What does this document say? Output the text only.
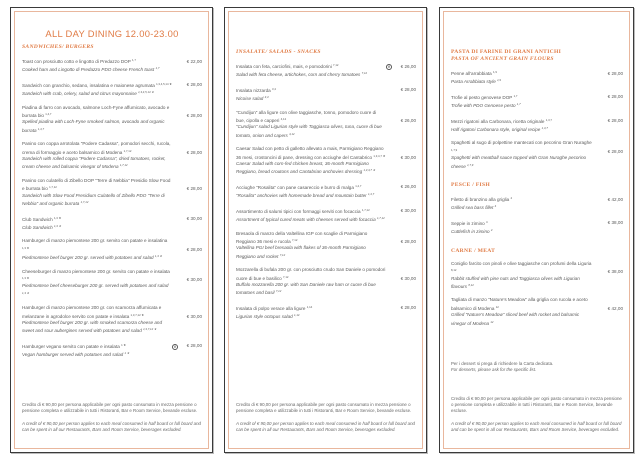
ALL DAY DINING 12.00-23.00
SANDWICHES/ BURGERS
€ 22,00
Toast con prosciutto cotto e lingotto di Predazzo DOP $^{1,7}$
Cooked ham and Lingotto di Predazzo PDO cheese French toast $^{1,7}$
€ 28,00
Sandwich con granchio, sedano, insalatina e maionese agrumata $^{1,3,4,5,14 ★}$
Sandwich with crab, celery, salad and citrus mayonnaise $^{1,3,4,5,14 ★}$
€ 28,00
Piadina di farro con avocado, salmone Loch-Fyne affumicato, avocado e burrata bio $^{1,4,7}$
Spelled piadina with Loch-Fyne smoked salmon, avocado and organic burrata $^{1,4,7}$
€ 28,00
Panino con coppa arrotolata "Podere Cadassa", pomodori secchi, rucola, crema di formaggio e aceto balsamico di Modena $^{1,7,12}$
Sandwich with rolled coppa "Podere Cadassa", dried tomatoes, rocket, cream cheese and balsamic vinegar of Modena $^{1,7,12}$
€ 28,00
Panino con culatello di Zibello DOP "Terre di Nebbia" Presidio Slow Food e burrata bio $^{1,7,12}$
Sandwich with Slow Food Presidium Culatello of Zibello PDO "Terre di Nebbia" and organic burrata $^{1,7,12}$
€ 30,00
Club Sandwich $^{1,3 ★}$
Club Sandwich $^{1,3 ★}$
€ 28,00
Hamburger di manzo piemontese 200 gr. servito con patate e insalatina $^{1,3 ★}$
Piedmontese beef burger 200 gr. served with potatoes and salad $^{1,3 ★}$
€ 30,00
Cheeseburger di manzo piemontese 200 gr. servito con patate e insalata $^{1,3 ★}$
Piedmontese beef cheeseburger 200 gr. served with potatoes and salad $^{1,3 ★}$
€ 30,00
Hamburger di manzo piemontese 200 gr. con scamorza affumicata e melanzane in agrodolce servito con patate e insalata $^{1,3,7,12 ★}$
Piedmontese beef burger 200 gr. with smoked scamorza cheese and sweet and sour aubergines served with potatoes and salad $^{1,3,7,12 ★}$
€ 28,00
V
Hamburger vegano servito con patate e insalata $^{1 ★}$
Vegan hamburger served with potatoes and salad $^{1 ★}$

Credito di € 90,00 per persona applicabile per ogni pasto consumato in mezza pensione o pensione completa e utilizzabile in tutti i Ristoranti, Bar e Room Service, bevande escluse.

A credit of € 90,00 per person applies to each meal consumed in half board or full board and can be spent in all our Restaurants, Bars and Room Service, beverages excluded.

INSALATE/ SALADS - SNACKS
€ 26,00
V
Insalata con feta, carciofini, mais, e pomodorini $^{7,12}$
Salad with feta cheese, artichokes, corn and cherry tomatoes $^{7,12}$
€ 28,00
Insalata nizzarda $^{3,4}$
Nicoise salad $^{3,4}$
€ 26,00
"Cundijun" alla ligure con olive taggiasche, tonno, pomodoro cuore di bue, cipolla e capperi $^{4,12}$
"Cundijun" salad Ligurian style with Taggiasca olives, tuna, cuore di bue tomato, onion and capers $^{4,12}$
€ 30,00
Caesar Salad con petto di galletto allevato a mais, Parmigiano Reggiano 36 mesi, crostoncini di pane, dressing con acciughe del Cantabrico $^{1,3,4,7 ★}$
Caesar Salad with corn-fed chicken breast, 36-month Parmigiano Reggiano, bread croutons and Cantabrian anchovies dressing $^{1,3,4,7 ★}$
€ 26,00
Acciughe "Rosalita" con pane casareccio e burro di malga $^{1,4,7}$
"Rosalita" anchovies with homemade bread and mountain butter $^{1,4,7}$
€ 30,00
Assortimento di salumi tipici con formaggi serviti con focaccia $^{1,7,12}$
Assortment of typical cured meats with cheeses served with focaccia $^{1,7,12}$
€ 28,00
Bresaola di manzo della Valtellina IGP con scaglie di Parmigiano Reggiano 36 mesi e rucola $^{7,12}$
Valtellina PGI beef bresaola with flakes of 36-month Parmigiano Reggiano and rocket $^{7,12}$
€ 30,00
Mozzarella di bufala 200 gr. con prosciutto crudo San Daniele o pomodori cuore di bue e basilico $^{7,12}$
Buffalo mozzarella 200 gr. with San Daniele raw ham or cuore di bue tomatoes and basil $^{7,12}$
€ 28,00
Insalata di polpo verace alla ligure $^{1,14}$
Ligurian style octopus salad $^{1,14}$

Credito di € 90,00 per persona applicabile per ogni pasto consumato in mezza pensione o pensione completa e utilizzabile in tutti i Ristoranti, Bar e Room Service, bevande escluse.

A credit of € 90,00 per person applies to each meal consumed in half board or full board and can be spent in all our Restaurants, Bars and Room Service, beverages excluded.

PASTA DI FARINE DI GRANI ANTICHI
PASTA OF ANCIENT GRAIN FLOURS
€ 28,00
Penne all'arrabbiata $^{1,9}$
Pasta Arrabbiata style $^{1,9}$
€ 28,00
Trofie al pesto genovese DOP $^{1,7}$
Trofie with PDO Genoese pesto $^{1,7}$
€ 28,00
Mezzi rigatoni alla Carbonara, ricetta originale $^{1,3,7}$
Half rigatoni Carbonara style, original recipe $^{1,3,7}$
€ 28,00
Spaghetti al sugo di polpettine mantecati con pecorino Gran Nuraghe $^{1,7,9}$
Spaghetti with meatball sauce topped with Gran Nuraghe pecorino cheese $^{1,7,9}$
PESCE / FISH
€ 42,00
Filetto di branzino alla griglia $^4$
Grilled sea bass fillet $^4$
€ 38,00
Seppie in zimino $^4$
Cuttlefish in zimino $^4$
CARNE / MEAT
€ 38,00
Coniglio farcito con pinoli e olive taggiasche con profumi della Liguria $^{8,12}$
Rabbit stuffed with pine nuts and Taggiasca olives with Ligurian flavours $^{8,12}$
€ 42,00
Tagliata di manzo "Nature's Meadow" alla griglia con rucola e aceto balsamico di Modena $^{12}$
Grilled "Nature's Meadow" sliced beef with rocket and balsamic vinegar of Modena $^{12}$
Per i dessert si prega di richiedere la Carta dedicata.
For desserts, please ask for the specific list.

Credito di € 90,00 per persona applicabile per ogni pasto consumato in mezza pensione o pensione completa e utilizzabile in tutti i Ristoranti, Bar e Room Service, bevande escluse.

A credit of € 90,00 per person applies to each meal consumed in half board or full board and can be spent in all our Restaurants, Bars and Room Service, beverages excluded.
